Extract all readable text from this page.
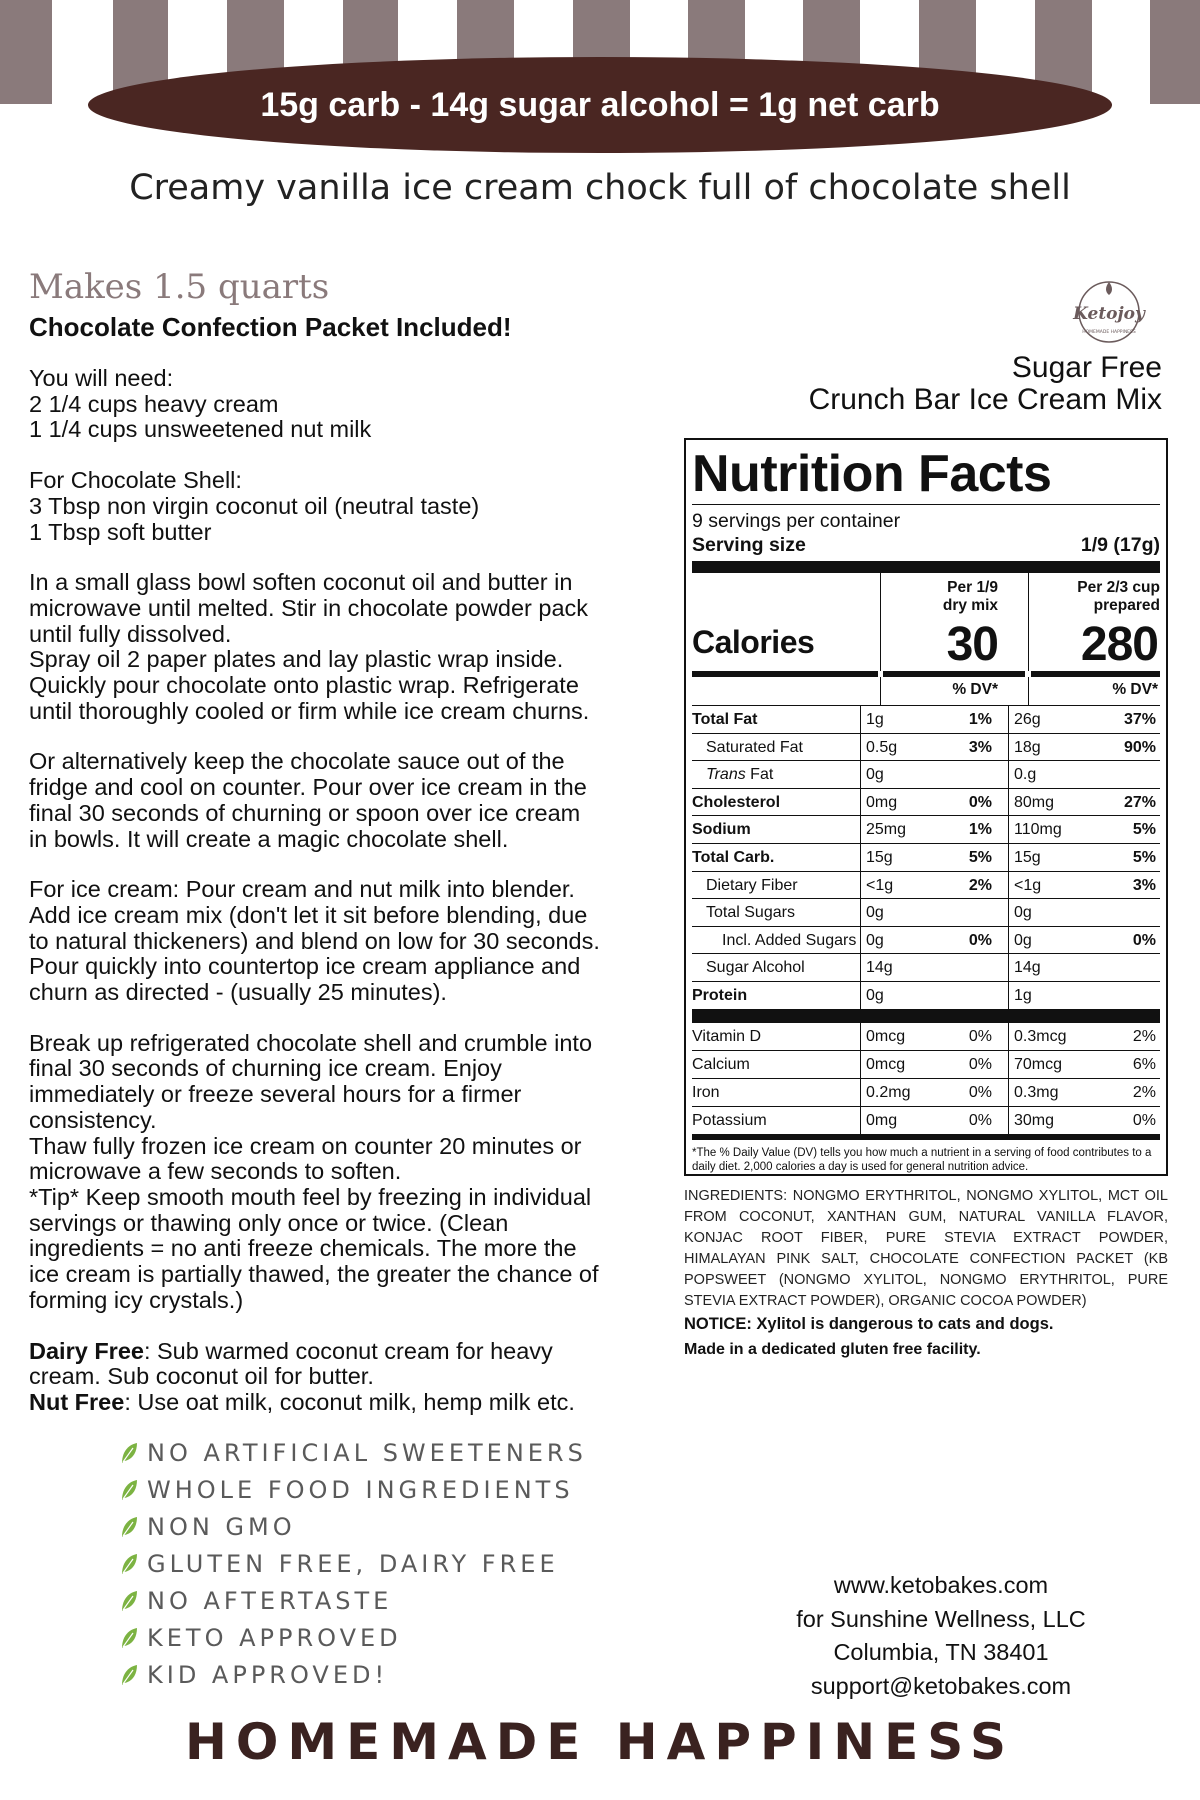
15g carb - 14g sugar alcohol = 1g net carb
Creamy vanilla ice cream chock full of chocolate shell
Makes 1.5 quarts
Chocolate Confection Packet Included!
You will need:
2 1/4 cups heavy cream
1 1/4 cups unsweetened nut milk
For Chocolate Shell:
3 Tbsp non virgin coconut oil (neutral taste)
1 Tbsp soft butter
In a small glass bowl soften coconut oil and butter in
microwave until melted. Stir in chocolate powder pack
until fully dissolved.
Spray oil 2 paper plates and lay plastic wrap inside.
Quickly pour chocolate onto plastic wrap. Refrigerate
until thoroughly cooled or firm while ice cream churns.
Or alternatively keep the chocolate sauce out of the
fridge and cool on counter. Pour over ice cream in the
final 30 seconds of churning or spoon over ice cream
in bowls. It will create a magic chocolate shell.
For ice cream: Pour cream and nut milk into blender.
Add ice cream mix (don't let it sit before blending, due
to natural thickeners) and blend on low for 30 seconds.
Pour quickly into countertop ice cream appliance and
churn as directed - (usually 25 minutes).
Break up refrigerated chocolate shell and crumble into
final 30 seconds of churning ice cream. Enjoy
immediately or freeze several hours for a firmer
consistency.
Thaw fully frozen ice cream on counter 20 minutes or
microwave a few seconds to soften.
*Tip* Keep smooth mouth feel by freezing in individual
servings or thawing only once or twice. (Clean
ingredients = no anti freeze chemicals. The more the
ice cream is partially thawed, the greater the chance of
forming icy crystals.)
Dairy Free: Sub warmed coconut cream for heavy
cream. Sub coconut oil for butter.
Nut Free: Use oat milk, coconut milk, hemp milk etc.
NO ARTIFICIAL SWEETENERS
WHOLE FOOD INGREDIENTS
NON GMO
GLUTEN FREE, DAIRY FREE
NO AFTERTASTE
KETO APPROVED
KID APPROVED!
HOMEMADE HAPPINESS
Ketojoy
HOMEMADE HAPPINESS
Sugar Free
Crunch Bar Ice Cream Mix
Nutrition Facts
9 servings per container
Serving size	1/9 (17g)
Per 1/9
dry mix
Per 2/3 cup
prepared
Calories	30 280
% DV*	% DV*
Total Fat	1g	1% 26g	37%
Saturated Fat	0.5g	3% 18g	90%
Trans Fat	0g	0.g
Cholesterol	0mg	0% 80mg	27%
Sodium	25mg	1% 110mg	5%
Total Carb.	15g	5% 15g	5%
Dietary Fiber	<1g	2% <1g	3%
Total Sugars	0g	0g
Incl. Added Sugars 0g	0% 0g	0%
Sugar Alcohol	14g	14g
Protein	0g	1g
Vitamin D	0mcg	0% 0.3mcg	2%
Calcium	0mcg	0% 70mcg	6%
Iron	0.2mg	0% 0.3mg	2%
Potassium	0mg	0% 30mg	0%
*The % Daily Value (DV) tells you how much a nutrient in a serving of food contributes to a daily diet. 2,000 calories a day is used for general nutrition advice.
INGREDIENTS: NONGMO ERYTHRITOL, NONGMO XYLITOL, MCT OIL FROM COCONUT, XANTHAN GUM, NATURAL VANILLA FLAVOR, KONJAC ROOT FIBER, PURE STEVIA EXTRACT POWDER, HIMALAYAN PINK SALT, CHOCOLATE CONFECTION PACKET (KB POPSWEET (NONGMO XYLITOL, NONGMO ERYTHRITOL, PURE STEVIA EXTRACT POWDER), ORGANIC COCOA POWDER)
NOTICE: Xylitol is dangerous to cats and dogs.
Made in a dedicated gluten free facility.
www.ketobakes.com
for Sunshine Wellness, LLC
Columbia, TN 38401
support@ketobakes.com
